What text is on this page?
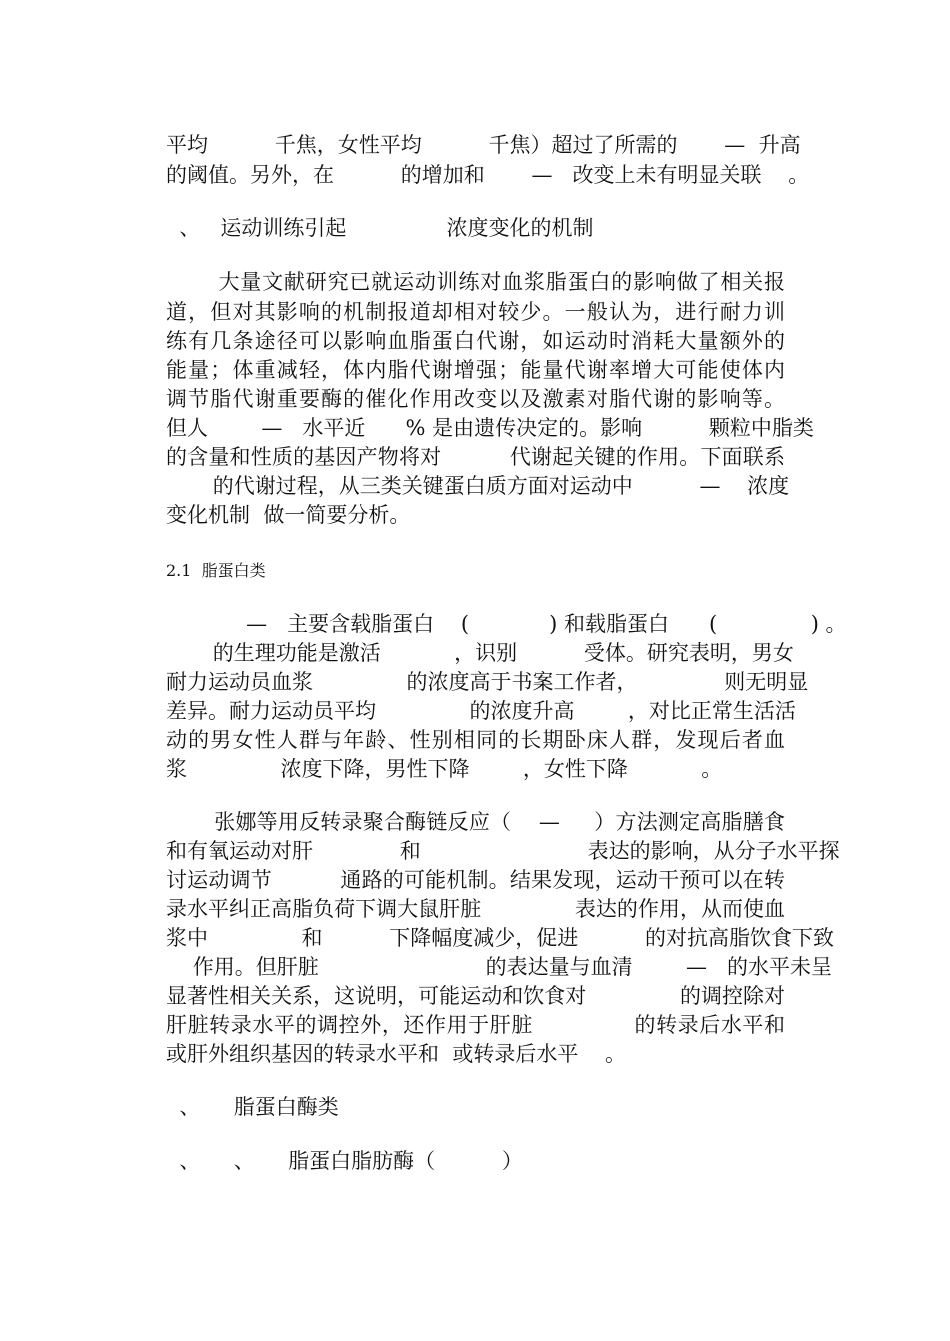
平均          千焦，女性平均          千焦）超过了所需的       —  升高

的阈值。另外，在          的增加和       —   改变上未有明显关联    。

、   运动训练引起               浓度变化的机制

大量文献研究已就运动训练对血浆脂蛋白的影响做了相关报

道，但对其影响的机制报道却相对较少。一般认为，进行耐力训

练有几条途径可以影响血脂蛋白代谢，如运动时消耗大量额外的

能量；体重减轻，体内脂代谢增强；能量代谢率增大可能使体内

调节脂代谢重要酶的催化作用改变以及激素对脂代谢的影响等。

但人        —   水平近      % 是由遗传决定的。影响          颗粒中脂类

的含量和性质的基因产物将对          代谢起关键的作用。下面联系

的代谢过程，从三类关键蛋白质方面对运动中          —    浓度

变化机制  做一简要分析。

2.1  脂蛋白类

—   主要含载脂蛋白    (            ) 和载脂蛋白      (              ) 。

的生理功能是激活           ，识别          受体。研究表明，男女

耐力运动员血浆              的浓度高于书案工作者，             则无明显

差异。耐力运动员平均              的浓度升高        ，对比正常生活活

动的男女性人群与年龄、性别相同的长期卧床人群，发现后者血

浆              浓度下降，男性下降        ，女性下降           。

张娜等用反转录聚合酶链反应（    —     ）方法测定高脂膳食

和有氧运动对肝             和                         表达的影响，从分子水平探

讨运动调节          通路的可能机制。结果发现，运动干预可以在转

录水平纠正高脂负荷下调大鼠肝脏              表达的作用，从而使血

浆中              和          下降幅度减少，促进          的对抗高脂饮食下致

作用。但肝脏                         的表达量与血清        —   的水平未呈

显著性相关关系，这说明，可能运动和饮食对              的调控除对

肝脏转录水平的调控外，还作用于肝脏              的转录后水平和

或肝外组织基因的转录水平和  或转录后水平    。

、     脂蛋白酶类

、     、     脂蛋白脂肪酶（          ）
